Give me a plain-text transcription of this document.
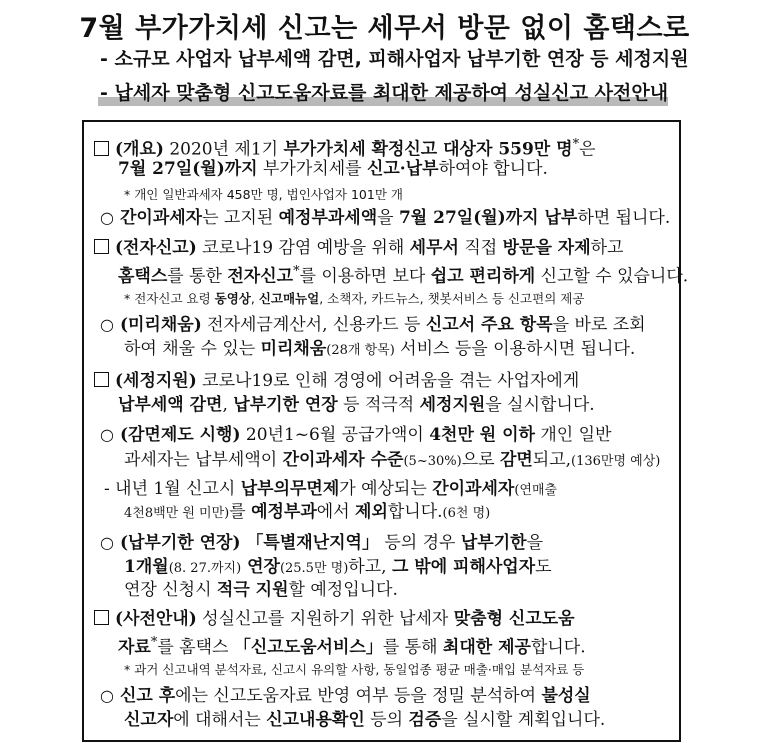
7월 부가가치세 신고는 세무서 방문 없이 홈택스로
- 소규모 사업자 납부세액 감면, 피해사업자 납부기한 연장 등 세정지원
- 납세자 맞춤형 신고도움자료를 최대한 제공하여 성실신고 사전안내
(개요) 2020년 제1기 부가가치세 확정신고 대상자 559만 명*은
7월 27일(월)까지 부가가치세를 신고·납부하여야 합니다.
* 개인 일반과세자 458만 명, 법인사업자 101만 개
○ 간이과세자는 고지된 예정부과세액을 7월 27일(월)까지 납부하면 됩니다.
(전자신고) 코로나19 감염 예방을 위해 세무서 직접 방문을 자제하고
홈택스를 통한 전자신고*를 이용하면 보다 쉽고 편리하게 신고할 수 있습니다.
* 전자신고 요령 동영상, 신고매뉴얼, 소책자, 카드뉴스, 챗봇서비스 등 신고편의 제공
○ (미리채움) 전자세금계산서, 신용카드 등 신고서 주요 항목을 바로 조회
하여 채울 수 있는 미리채움(28개 항목) 서비스 등을 이용하시면 됩니다.
(세정지원) 코로나19로 인해 경영에 어려움을 겪는 사업자에게
납부세액 감면, 납부기한 연장 등 적극적 세정지원을 실시합니다.
○ (감면제도 시행) 20년1~6월 공급가액이 4천만 원 이하 개인 일반
과세자는 납부세액이 간이과세자 수준(5~30%)으로 감면되고,(136만명 예상)
- 내년 1월 신고시 납부의무면제가 예상되는 간이과세자(연매출
4천8백만 원 미만)를 예정부과에서 제외합니다.(6천 명)
○ (납부기한 연장) 「특별재난지역」 등의 경우 납부기한을
1개월(8. 27.까지) 연장(25.5만 명)하고, 그 밖에 피해사업자도
연장 신청시 적극 지원할 예정입니다.
(사전안내) 성실신고를 지원하기 위한 납세자 맞춤형 신고도움
자료*를 홈택스 「신고도움서비스」를 통해 최대한 제공합니다.
* 과거 신고내역 분석자료, 신고시 유의할 사항, 동일업종 평균 매출·매입 분석자료 등
○ 신고 후에는 신고도움자료 반영 여부 등을 정밀 분석하여 불성실
신고자에 대해서는 신고내용확인 등의 검증을 실시할 계획입니다.
